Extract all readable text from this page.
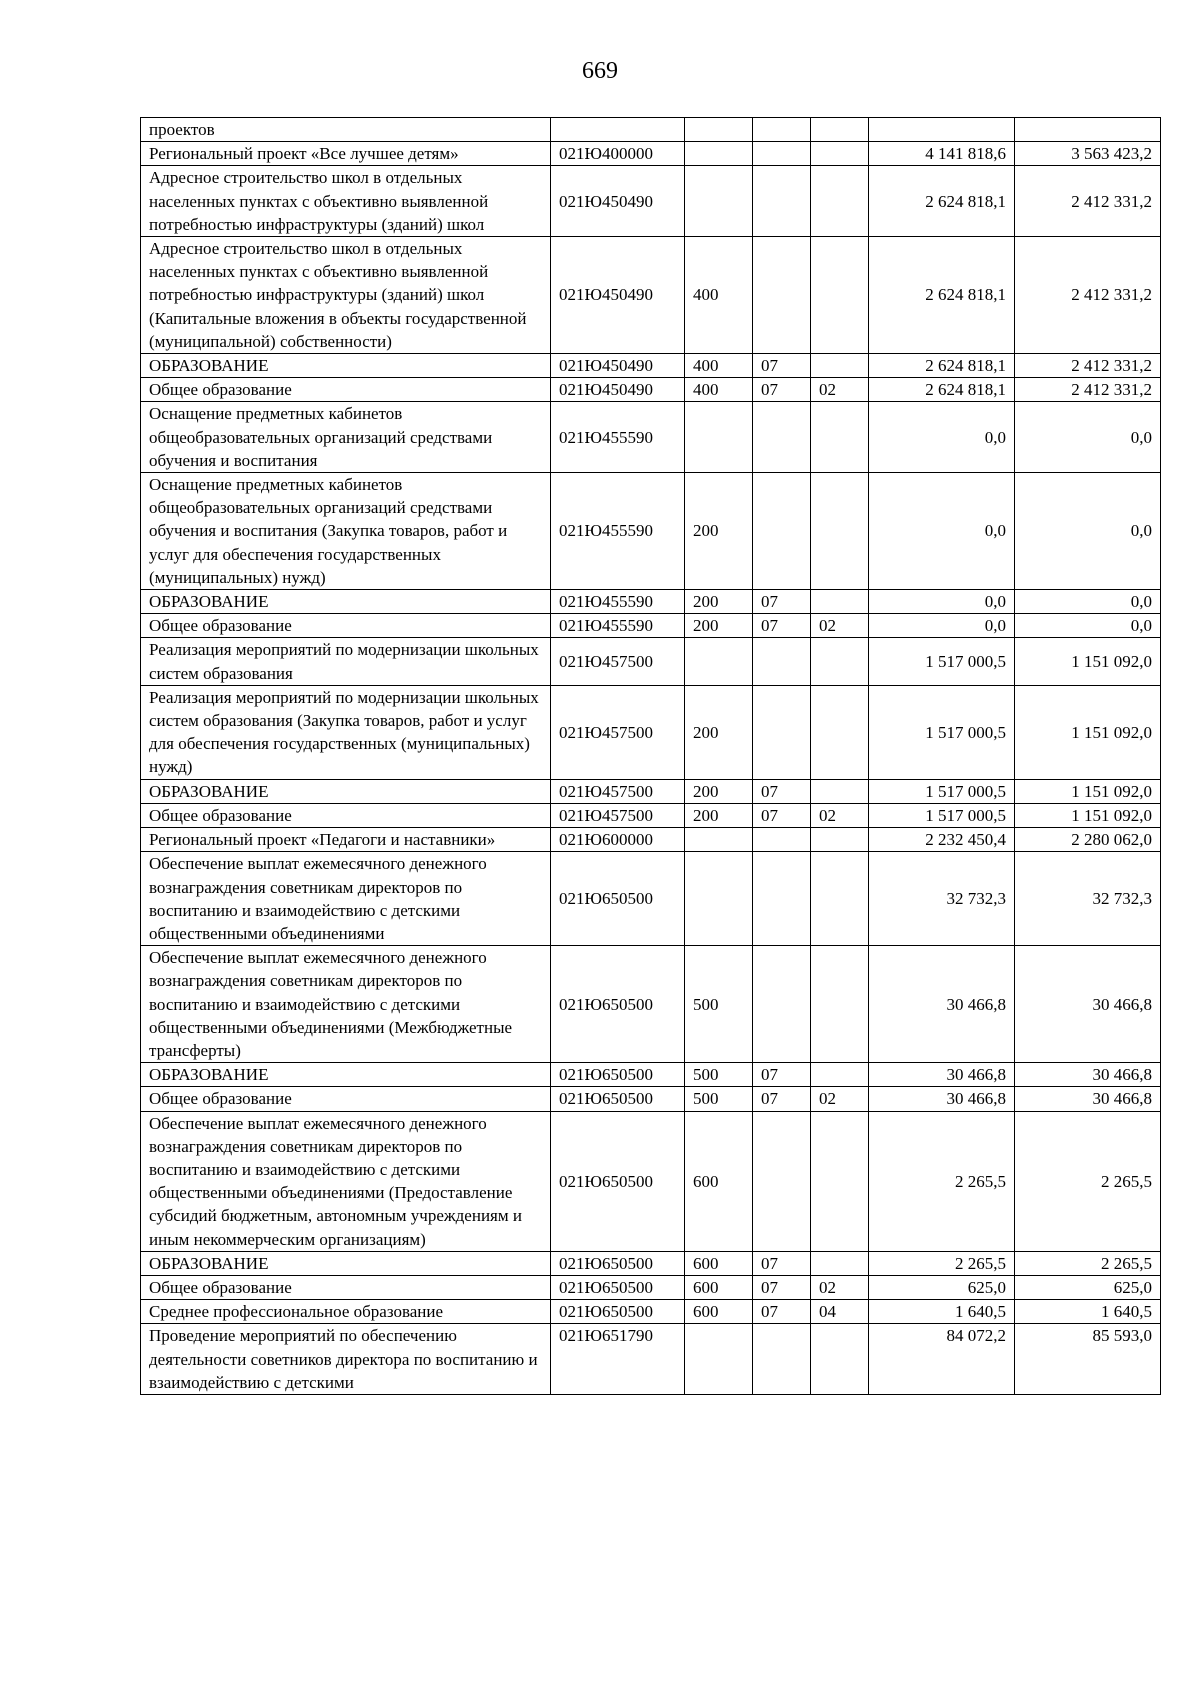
669
проектов						
Региональный проект «Все лучшее детям»	021Ю400000				4 141 818,6	3 563 423,2
Адресное строительство школ в отдельных населенных пунктах с объективно выявленной потребностью инфраструктуры (зданий) школ	021Ю450490				2 624 818,1	2 412 331,2
Адресное строительство школ в отдельных населенных пунктах с объективно выявленной потребностью инфраструктуры (зданий) школ (Капитальные вложения в объекты государственной (муниципальной) собственности)	021Ю450490	400			2 624 818,1	2 412 331,2
ОБРАЗОВАНИЕ	021Ю450490	400	07		2 624 818,1	2 412 331,2
Общее образование	021Ю450490	400	07	02	2 624 818,1	2 412 331,2
Оснащение предметных кабинетов общеобразовательных организаций средствами обучения и воспитания	021Ю455590				0,0	0,0
Оснащение предметных кабинетов общеобразовательных организаций средствами обучения и воспитания (Закупка товаров, работ и услуг для обеспечения государственных (муниципальных) нужд)	021Ю455590	200			0,0	0,0
ОБРАЗОВАНИЕ	021Ю455590	200	07		0,0	0,0
Общее образование	021Ю455590	200	07	02	0,0	0,0
Реализация мероприятий по модернизации школьных систем образования	021Ю457500				1 517 000,5	1 151 092,0
Реализация мероприятий по модернизации школьных систем образования (Закупка товаров, работ и услуг для обеспечения государственных (муниципальных) нужд)	021Ю457500	200			1 517 000,5	1 151 092,0
ОБРАЗОВАНИЕ	021Ю457500	200	07		1 517 000,5	1 151 092,0
Общее образование	021Ю457500	200	07	02	1 517 000,5	1 151 092,0
Региональный проект «Педагоги и наставники»	021Ю600000				2 232 450,4	2 280 062,0
Обеспечение выплат ежемесячного денежного вознаграждения советникам директоров по воспитанию и взаимодействию с детскими общественными объединениями	021Ю650500				32 732,3	32 732,3
Обеспечение выплат ежемесячного денежного вознаграждения советникам директоров по воспитанию и взаимодействию с детскими общественными объединениями (Межбюджетные трансферты)	021Ю650500	500			30 466,8	30 466,8
ОБРАЗОВАНИЕ	021Ю650500	500	07		30 466,8	30 466,8
Общее образование	021Ю650500	500	07	02	30 466,8	30 466,8
Обеспечение выплат ежемесячного денежного вознаграждения советникам директоров по воспитанию и взаимодействию с детскими общественными объединениями (Предоставление субсидий бюджетным, автономным учреждениям и иным некоммерческим организациям)	021Ю650500	600			2 265,5	2 265,5
ОБРАЗОВАНИЕ	021Ю650500	600	07		2 265,5	2 265,5
Общее образование	021Ю650500	600	07	02	625,0	625,0
Среднее профессиональное образование	021Ю650500	600	07	04	1 640,5	1 640,5
Проведение мероприятий по обеспечению деятельности советников директора по воспитанию и взаимодействию с детскими	021Ю651790				84 072,2	85 593,0
